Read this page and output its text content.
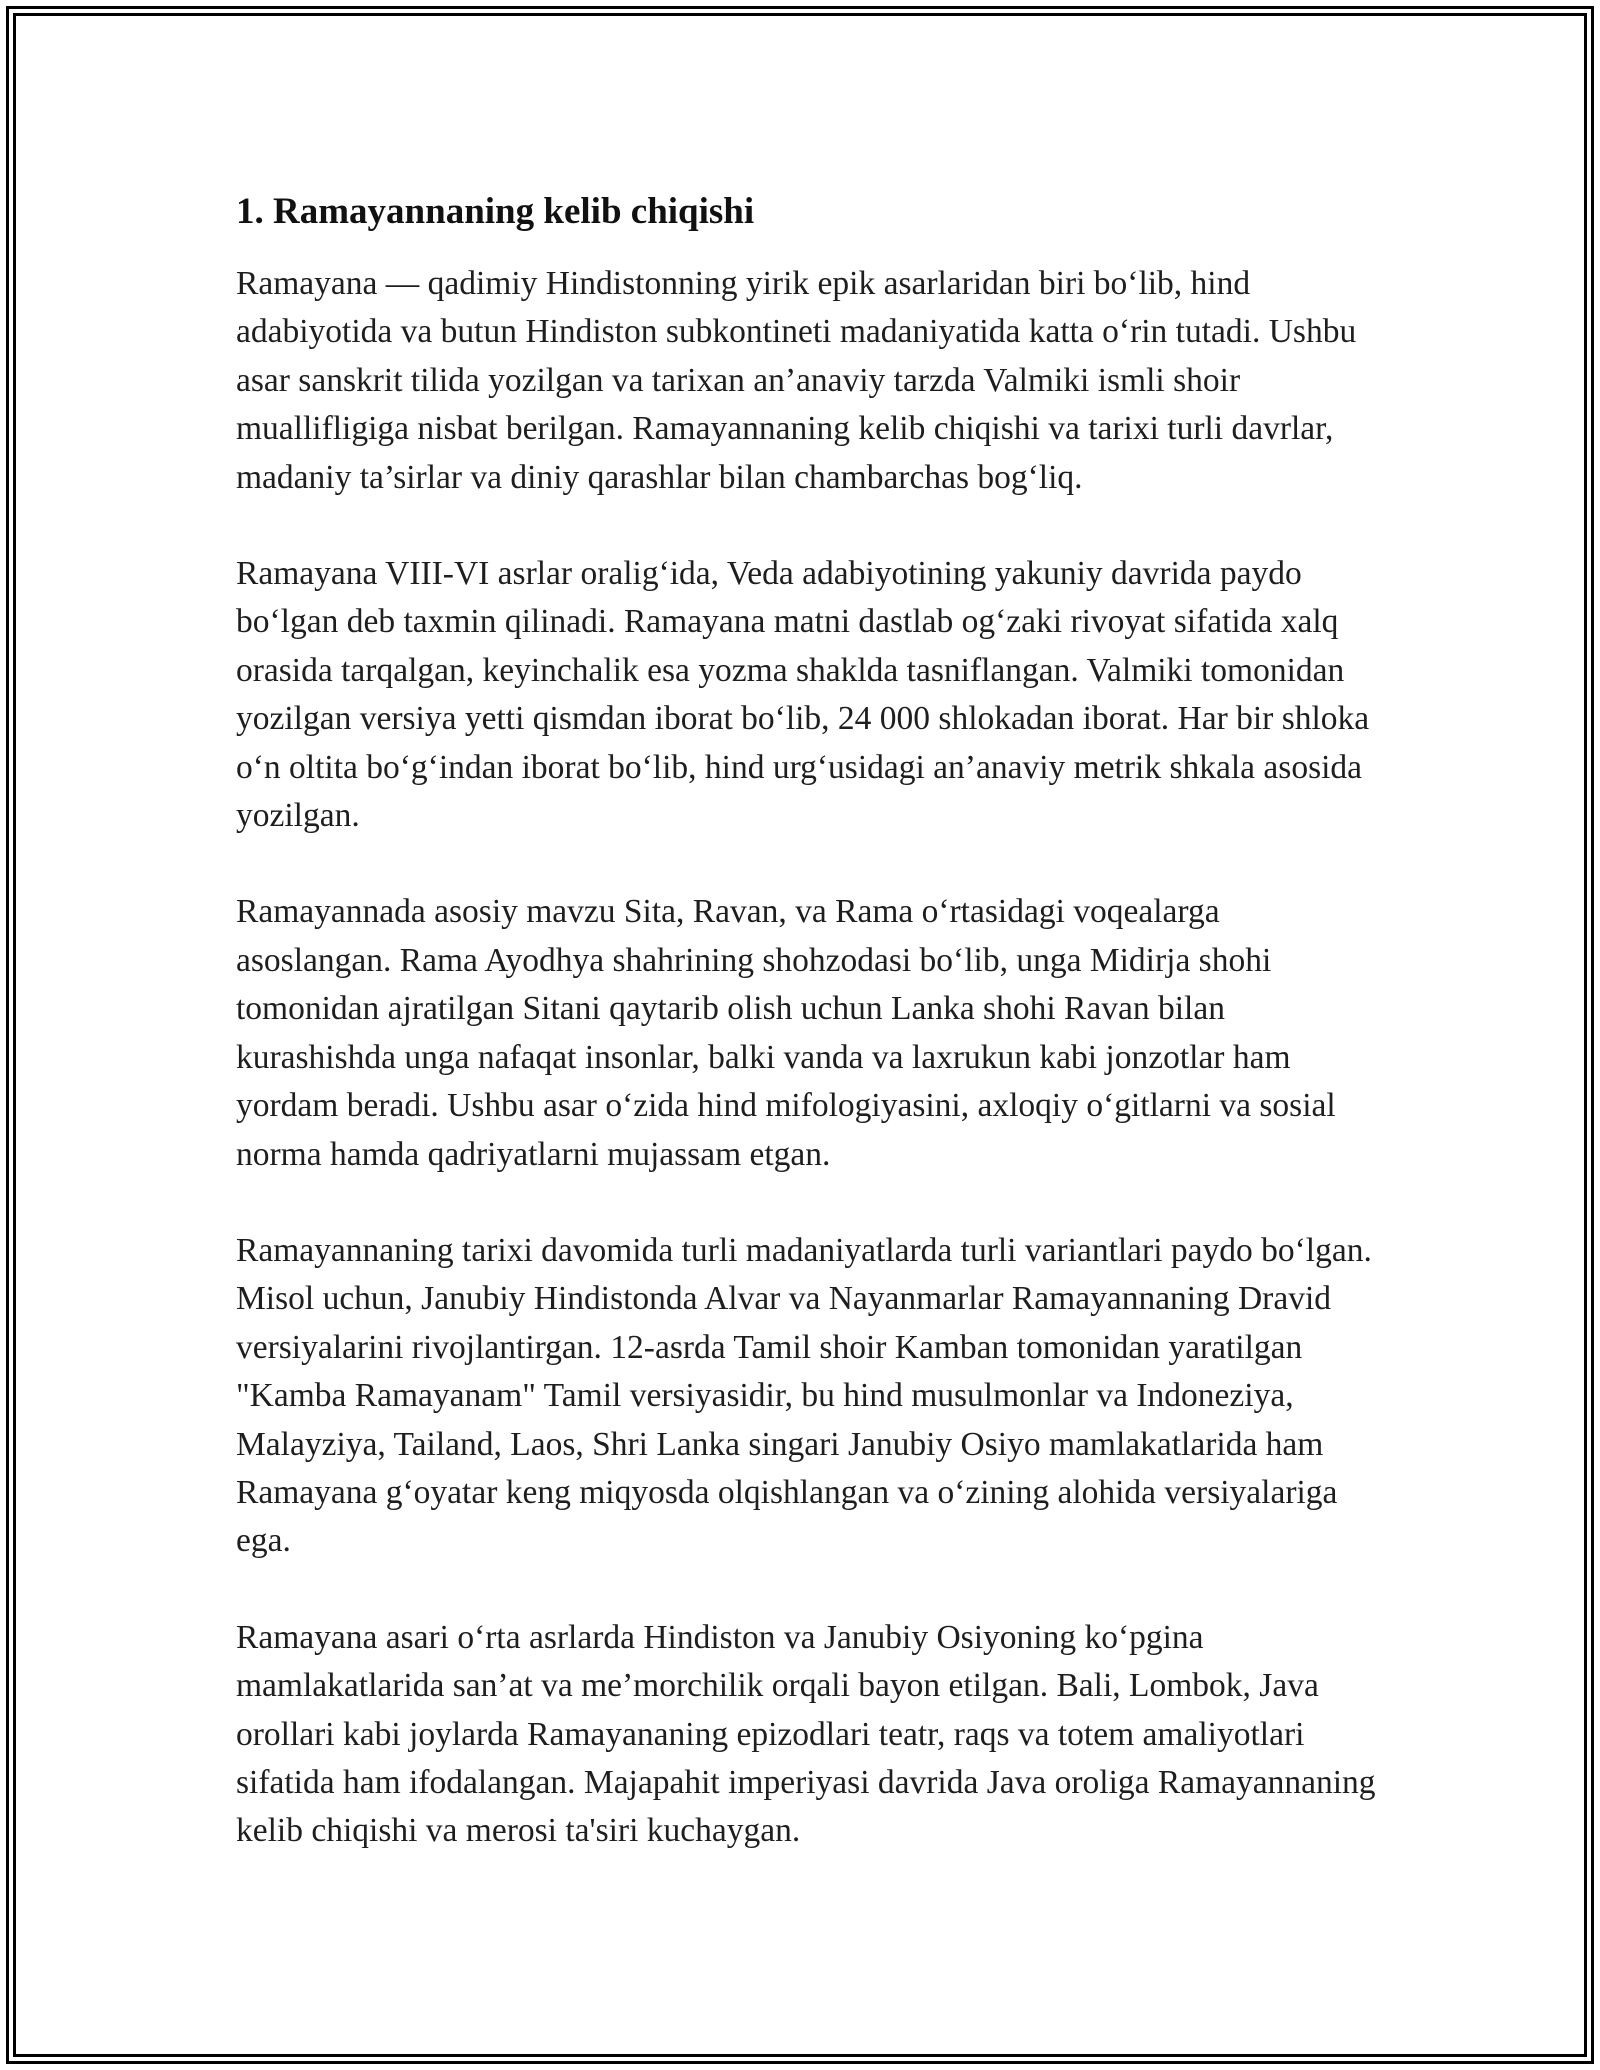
1. Ramayannaning kelib chiqishi

Ramayana — qadimiy Hindistonning yirik epik asarlaridan biri bo‘lib, hind adabiyotida va butun Hindiston subkontineti madaniyatida katta o‘rin tutadi. Ushbu asar sanskrit tilida yozilgan va tarixan an’anaviy tarzda Valmiki ismli shoir muallifligiga nisbat berilgan. Ramayannaning kelib chiqishi va tarixi turli davrlar, madaniy ta’sirlar va diniy qarashlar bilan chambarchas bog‘liq.

Ramayana VIII-VI asrlar oralig‘ida, Veda adabiyotining yakuniy davrida paydo bo‘lgan deb taxmin qilinadi. Ramayana matni dastlab og‘zaki rivoyat sifatida xalq orasida tarqalgan, keyinchalik esa yozma shaklda tasniflangan. Valmiki tomonidan yozilgan versiya yetti qismdan iborat bo‘lib, 24 000 shlokadan iborat. Har bir shloka o‘n oltita bo‘g‘indan iborat bo‘lib, hind urg‘usidagi an’anaviy metrik shkala asosida yozilgan.

Ramayannada asosiy mavzu Sita, Ravan, va Rama o‘rtasidagi voqealarga asoslangan. Rama Ayodhya shahrining shohzodasi bo‘lib, unga Midirja shohi tomonidan ajratilgan Sitani qaytarib olish uchun Lanka shohi Ravan bilan kurashishda unga nafaqat insonlar, balki vanda va laxrukun kabi jonzotlar ham yordam beradi. Ushbu asar o‘zida hind mifologiyasini, axloqiy o‘gitlarni va sosial norma hamda qadriyatlarni mujassam etgan.

Ramayannaning tarixi davomida turli madaniyatlarda turli variantlari paydo bo‘lgan. Misol uchun, Janubiy Hindistonda Alvar va Nayanmarlar Ramayannaning Dravid versiyalarini rivojlantirgan. 12-asrda Tamil shoir Kamban tomonidan yaratilgan "Kamba Ramayanam" Tamil versiyasidir, bu hind musulmonlar va Indoneziya, Malayziya, Tailand, Laos, Shri Lanka singari Janubiy Osiyo mamlakatlarida ham Ramayana g‘oyatar keng miqyosda olqishlangan va o‘zining alohida versiyalariga ega.

Ramayana asari o‘rta asrlarda Hindiston va Janubiy Osiyoning ko‘pgina mamlakatlarida san’at va me’morchilik orqali bayon etilgan. Bali, Lombok, Java orollari kabi joylarda Ramayananing epizodlari teatr, raqs va totem amaliyotlari sifatida ham ifodalangan. Majapahit imperiyasi davrida Java oroliga Ramayannaning kelib chiqishi va merosi ta'siri kuchaygan.
